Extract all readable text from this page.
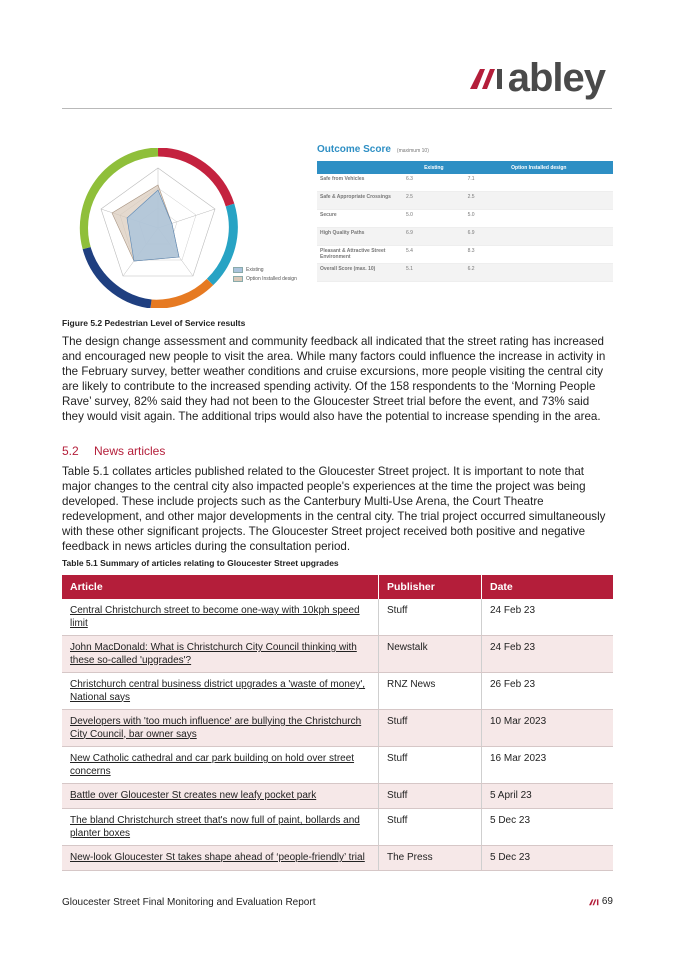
abley
Existing
Option Installed design
Outcome Score (maximum 10)
	Existing	Option Installed design
Safe from Vehicles	6.3	7.1
Safe & Appropriate Crossings	2.5	2.5
Secure	5.0	5.0
High Quality Paths	6.9	6.9
Pleasant & Attractive Street Environment	5.4	8.3
Overall Score (max. 10)	5.1	6.2
Figure 5.2 Pedestrian Level of Service results

The design change assessment and community feedback all indicated that the street rating has increased and encouraged new people to visit the area. While many factors could influence the increase in activity in the February survey, better weather conditions and cruise excursions, more people visiting the central city are likely to contribute to the increased spending activity. Of the 158 respondents to the ‘Morning People Rave’ survey, 82% said they had not been to the Gloucester Street trial before the event, and 73% said they would visit again. The additional trips would also have the potential to increase spending in the area.

5.2 News articles

Table 5.1 collates articles published related to the Gloucester Street project. It is important to note that major changes to the central city also impacted people's experiences at the time the project was being developed. These include projects such as the Canterbury Multi-Use Arena, the Court Theatre redevelopment, and other major developments in the central city. The trial project occurred simultaneously with these other significant projects. The Gloucester Street project received both positive and negative feedback in news articles during the consultation period.

Table 5.1 Summary of articles relating to Gloucester Street upgrades
Article	Publisher	Date
Central Christchurch street to become one-way with 10kph speed limit	Stuff	24 Feb 23
John MacDonald: What is Christchurch City Council thinking with these so-called 'upgrades'?	Newstalk	24 Feb 23
Christchurch central business district upgrades a 'waste of money', National says	RNZ News	26 Feb 23
Developers with 'too much influence' are bullying the Christchurch City Council, bar owner says	Stuff	10 Mar 2023
New Catholic cathedral and car park building on hold over street concerns	Stuff	16 Mar 2023
Battle over Gloucester St creates new leafy pocket park	Stuff	5 April 23
The bland Christchurch street that's now full of paint, bollards and planter boxes	Stuff	5 Dec 23
New-look Gloucester St takes shape ahead of ‘people-friendly’ trial	The Press	5 Dec 23
Gloucester Street Final Monitoring and Evaluation Report	69
